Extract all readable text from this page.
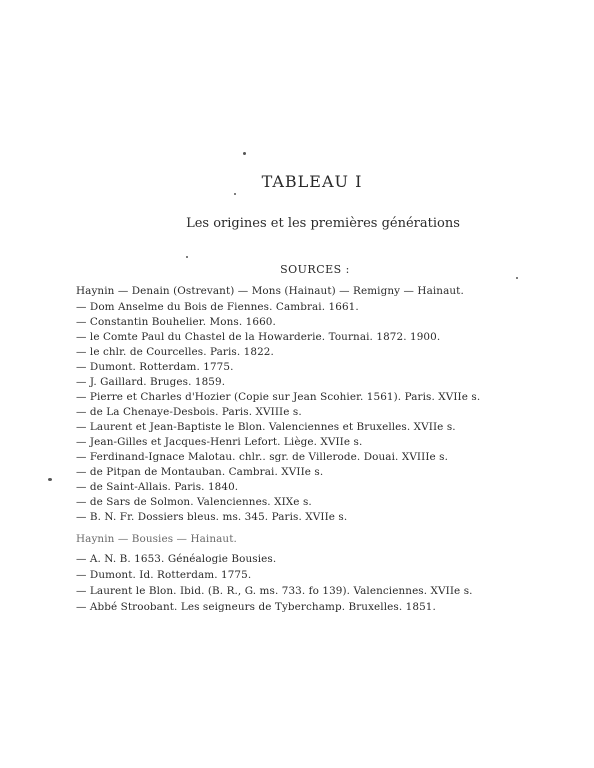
TABLEAU I
Les origines et les premières générations
SOURCES :
Haynin — Denain (Ostrevant) — Mons (Hainaut) — Remigny — Hainaut.
— Dom Anselme du Bois de Fiennes. Cambrai. 1661.
— Constantin Bouhelier. Mons. 1660.
— le Comte Paul du Chastel de la Howarderie. Tournai. 1872. 1900.
— le chlr. de Courcelles. Paris. 1822.
— Dumont. Rotterdam. 1775.
— J. Gaillard. Bruges. 1859.
— Pierre et Charles d'Hozier (Copie sur Jean Scohier. 1561). Paris. XVIIe s.
— de La Chenaye-Desbois. Paris. XVIIIe s.
— Laurent et Jean-Baptiste le Blon. Valenciennes et Bruxelles. XVIIe s.
— Jean-Gilles et Jacques-Henri Lefort. Liège. XVIIe s.
— Ferdinand-Ignace Malotau. chlr.. sgr. de Villerode. Douai. XVIIIe s.
— de Pitpan de Montauban. Cambrai. XVIIe s.
— de Saint-Allais. Paris. 1840.
— de Sars de Solmon. Valenciennes. XIXe s.
— B. N. Fr. Dossiers bleus. ms. 345. Paris. XVIIe s.
Haynin — Bousies — Hainaut.
— A. N. B. 1653. Généalogie Bousies.
— Dumont. Id. Rotterdam. 1775.
— Laurent le Blon. Ibid. (B. R., G. ms. 733. fo 139). Valenciennes. XVIIe s.
— Abbé Stroobant. Les seigneurs de Tyberchamp. Bruxelles. 1851.
